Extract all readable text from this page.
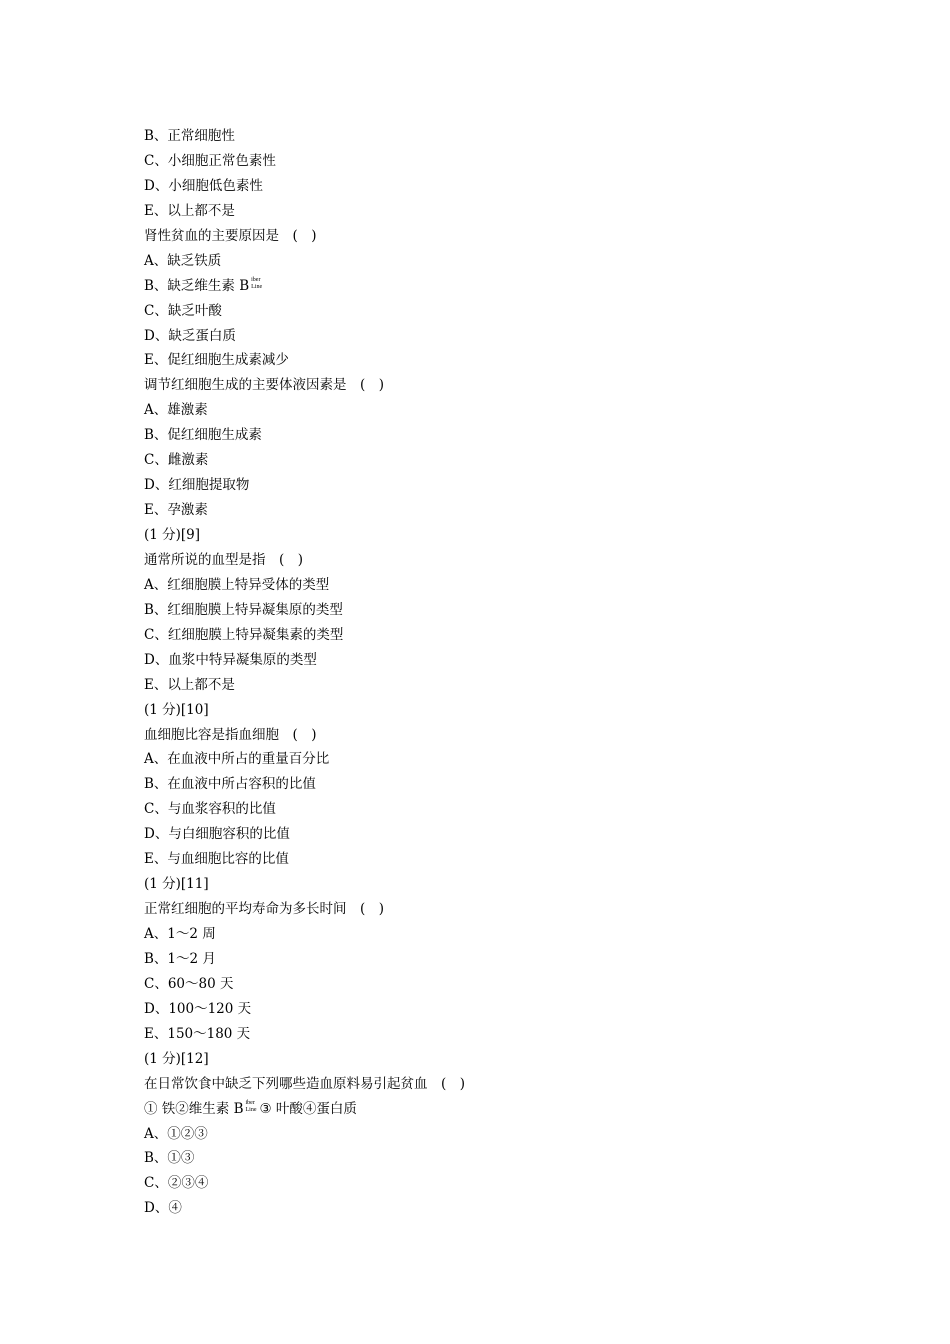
B、正常细胞性
C、小细胞正常色素性
D、小细胞低色素性
E、以上都不是
肾性贫血的主要原因是　(　)
A、缺乏铁质
B、缺乏维生素 B iber
Line
C、缺乏叶酸
D、缺乏蛋白质
E、促红细胞生成素减少
调节红细胞生成的主要体液因素是　(　)
A、雄激素
B、促红细胞生成素
C、雌激素
D、红细胞提取物
E、孕激素
(1 分)[9]
通常所说的血型是指　(　)
A、红细胞膜上特异受体的类型
B、红细胞膜上特异凝集原的类型
C、红细胞膜上特异凝集素的类型
D、血浆中特异凝集原的类型
E、以上都不是
(1 分)[10]
血细胞比容是指血细胞　(　)
A、在血液中所占的重量百分比
B、在血液中所占容积的比值
C、与血浆容积的比值
D、与白细胞容积的比值
E、与血细胞比容的比值
(1 分)[11]
正常红细胞的平均寿命为多长时间　(　)
A、1～2 周
B、1～2 月
C、60～80 天
D、100～120 天
E、150～180 天
(1 分)[12]
在日常饮食中缺乏下列哪些造血原料易引起贫血　(　)
① 铁②维生素 B iber
Line ③ 叶酸④蛋白质
A、①②③
B、①③
C、②③④
D、④
